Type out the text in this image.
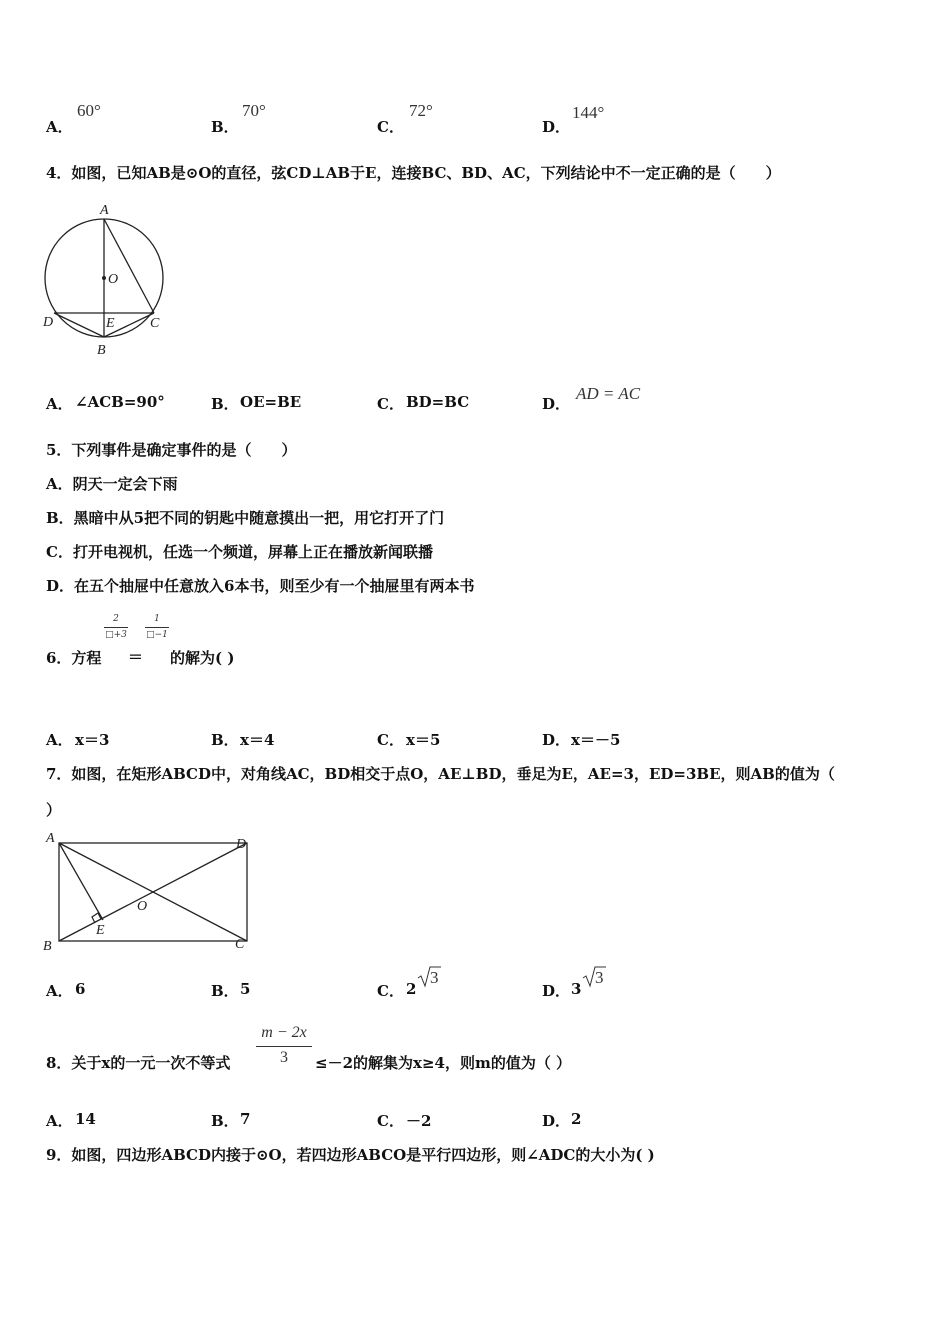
A．
60°
B．
70°
C．
72°
D．
144°
4．如图，已知AB是⊙O的直径，弦CD⊥AB于E，连接BC、BD、AC，下列结论中不一定正确的是（　　）
A
O
D	E	C
B
A． ∠ACB=90°	B． OE=BE	C． BD=BC	D．
AD = AC
5．下列事件是确定事件的是（　　）
A．阴天一定会下雨
B．黑暗中从5把不同的钥匙中随意摸出一把，用它打开了门
C．打开电视机，任选一个频道，屏幕上正在播放新闻联播
D．在五个抽屉中任意放入6本书，则至少有一个抽屉里有两本书
6．方程
2
□+3
＝
1
□−1
的解为( )
A． x＝3	B． x＝4	C． x＝5	D． x＝－5
7．如图，在矩形ABCD中，对角线AC，BD相交于点O，AE⊥BD，垂足为E，AE=3，ED=3BE，则AB的值为（
）
A	D
O
E
B	C
A． 6	B． 5	C． 2
3
D． 3
3
8．关于x的一元一次不等式
m − 2x
3	≤－2的解集为x≥4，则m的值为（ ）
A． 14	B． 7	C． －2	D． 2
9．如图，四边形ABCD内接于⊙O，若四边形ABCO是平行四边形，则∠ADC的大小为( )
